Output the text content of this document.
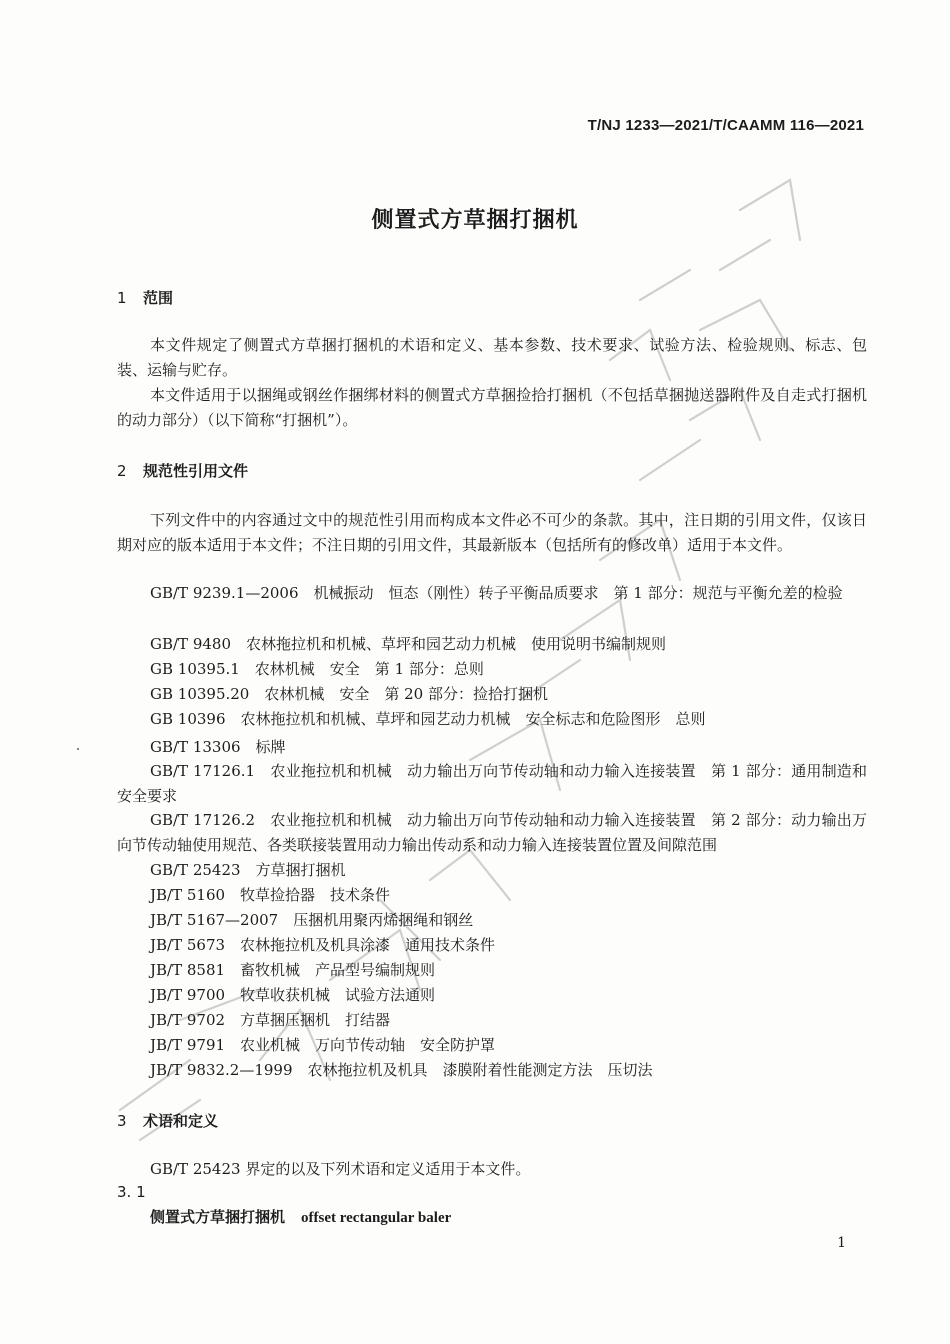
T/NJ 1233—2021/T/CAAMM 116—2021
侧置式方草捆打捆机
1 范围
本文件规定了侧置式方草捆打捆机的术语和定义、基本参数、技术要求、试验方法、检验规则、标志、包装、运输与贮存。
本文件适用于以捆绳或钢丝作捆绑材料的侧置式方草捆捡拾打捆机（不包括草捆抛送器附件及自走式打捆机的动力部分）（以下简称“打捆机”）。
2 规范性引用文件
下列文件中的内容通过文中的规范性引用而构成本文件必不可少的条款。其中，注日期的引用文件，仅该日期对应的版本适用于本文件；不注日期的引用文件，其最新版本（包括所有的修改单）适用于本文件。
GB/T 9239.1—2006　机械振动　恒态（刚性）转子平衡品质要求　第 1 部分：规范与平衡允差的检验
GB/T 9480　农林拖拉机和机械、草坪和园艺动力机械　使用说明书编制规则
GB 10395.1　农林机械　安全　第 1 部分：总则
GB 10395.20　农林机械　安全　第 20 部分：捡拾打捆机
GB 10396　农林拖拉机和机械、草坪和园艺动力机械　安全标志和危险图形　总则
GB/T 13306　标牌
GB/T 17126.1　农业拖拉机和机械　动力输出万向节传动轴和动力输入连接装置　第 1 部分：通用制造和安全要求
GB/T 17126.2　农业拖拉机和机械　动力输出万向节传动轴和动力输入连接装置　第 2 部分：动力输出万向节传动轴使用规范、各类联接装置用动力输出传动系和动力输入连接装置位置及间隙范围
GB/T 25423　方草捆打捆机
JB/T 5160　牧草捡拾器　技术条件
JB/T 5167—2007　压捆机用聚丙烯捆绳和钢丝
JB/T 5673　农林拖拉机及机具涂漆　通用技术条件
JB/T 8581　畜牧机械　产品型号编制规则
JB/T 9700　牧草收获机械　试验方法通则
JB/T 9702　方草捆压捆机　打结器
JB/T 9791　农业机械　万向节传动轴　安全防护罩
JB/T 9832.2—1999　农林拖拉机及机具　漆膜附着性能测定方法　压切法
3 术语和定义
GB/T 25423 界定的以及下列术语和定义适用于本文件。
3. 1
侧置式方草捆打捆机 offset rectangular baler
1
